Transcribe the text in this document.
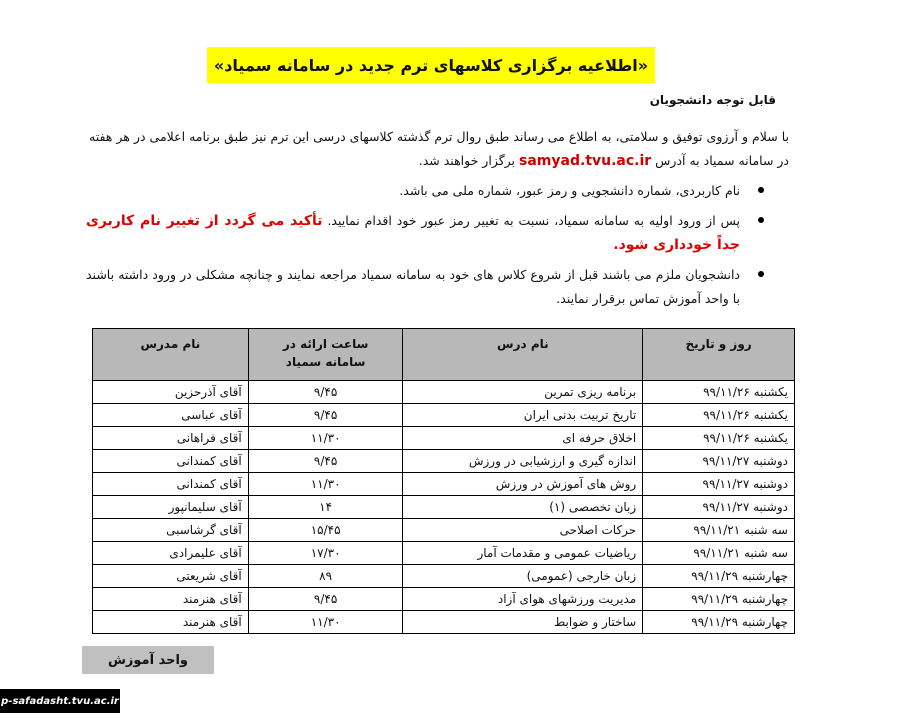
«اطلاعیه برگزاری کلاسهای ترم جدید در سامانه سمیاد»
قابل توجه دانشجویان
با سلام و آرزوی توفیق و سلامتی، به اطلاع می رساند طبق روال ترم گذشته کلاسهای درسی این ترم نیز طبق برنامه اعلامی در هر هفته در سامانه سمیاد به آدرس samyad.tvu.ac.ir برگزار خواهند شد.
نام کاربردی، شماره دانشجویی و رمز عبور، شماره ملی می باشد.
پس از ورود اولیه به سامانه سمیاد، نسبت به تغییر رمز عبور خود اقدام نمایید. تأکید می گردد از تغییر نام کاربری جداً خودداری شود.
دانشجویان ملزم می باشند قبل از شروع کلاس های خود به سامانه سمیاد مراجعه نمایند و چنانچه مشکلی در ورود داشته باشند با واحد آموزش تماس برقرار نمایند.
روز و تاریخ	نام درس	ساعت ارائه در سامانه سمیاد	نام مدرس
یکشنبه ۹۹/۱۱/۲۶	برنامه ریزی تمرین	۹/۴۵	آقای آذرحزین
یکشنبه ۹۹/۱۱/۲۶	تاریخ تربیت بدنی ایران	۹/۴۵	آقای عباسی
یکشنبه ۹۹/۱۱/۲۶	اخلاق حرفه ای	۱۱/۳۰	آقای فراهانی
دوشنبه ۹۹/۱۱/۲۷	اندازه گیری و ارزشیابی در ورزش	۹/۴۵	آقای کمندانی
دوشنبه ۹۹/۱۱/۲۷	روش های آموزش در ورزش	۱۱/۳۰	آقای کمندانی
دوشنبه ۹۹/۱۱/۲۷	زبان تخصصی (۱)	۱۴	آقای سلیمانپور
سه شنبه ۹۹/۱۱/۲۱	حرکات اصلاحی	۱۵/۴۵	آقای گرشاسبی
سه شنبه ۹۹/۱۱/۲۱	ریاضیات عمومی و مقدمات آمار	۱۷/۳۰	آقای علیمرادی
چهارشنبه ۹۹/۱۱/۲۹	زبان خارجی (عمومی)	۸۹	آقای شریعتی
چهارشنبه ۹۹/۱۱/۲۹	مدیریت ورزشهای هوای آزاد	۹/۴۵	آقای هنرمند
چهارشنبه ۹۹/۱۱/۲۹	ساختار و ضوابط	۱۱/۳۰	آقای هنرمند
واحد آموزش
p-safadasht.tvu.ac.ir
